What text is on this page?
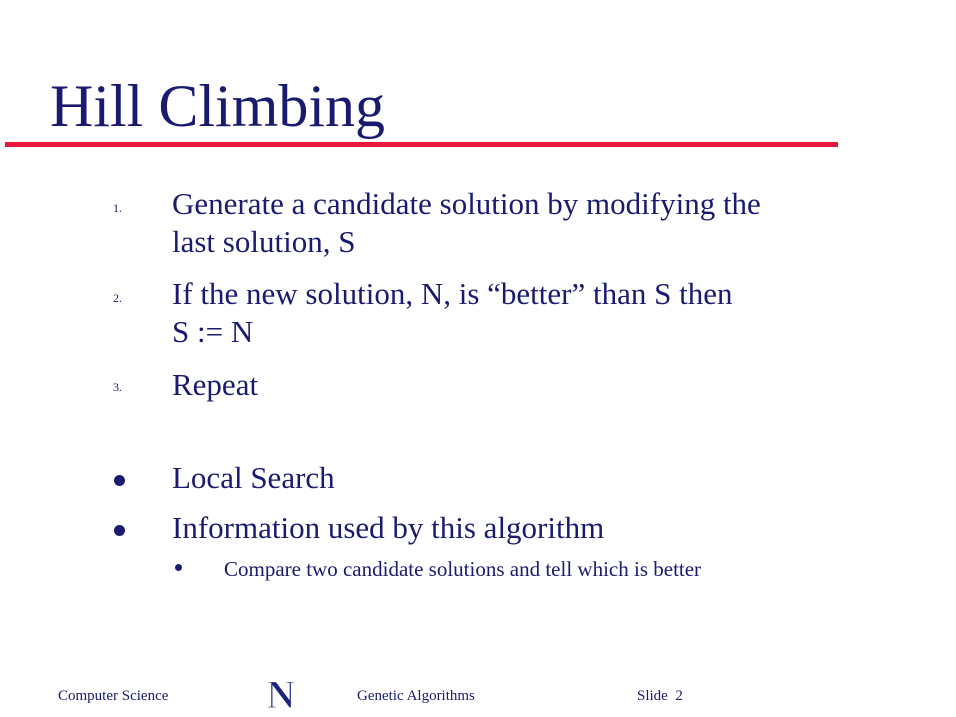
Hill Climbing
1. Generate a candidate solution by modifying the
last solution, S
2. If the new solution, N, is “better” than S then
S := N
3. Repeat
Local Search
Information used by this algorithm
Compare two candidate solutions and tell which is better
Computer Science N	Genetic Algorithms	Slide  2
